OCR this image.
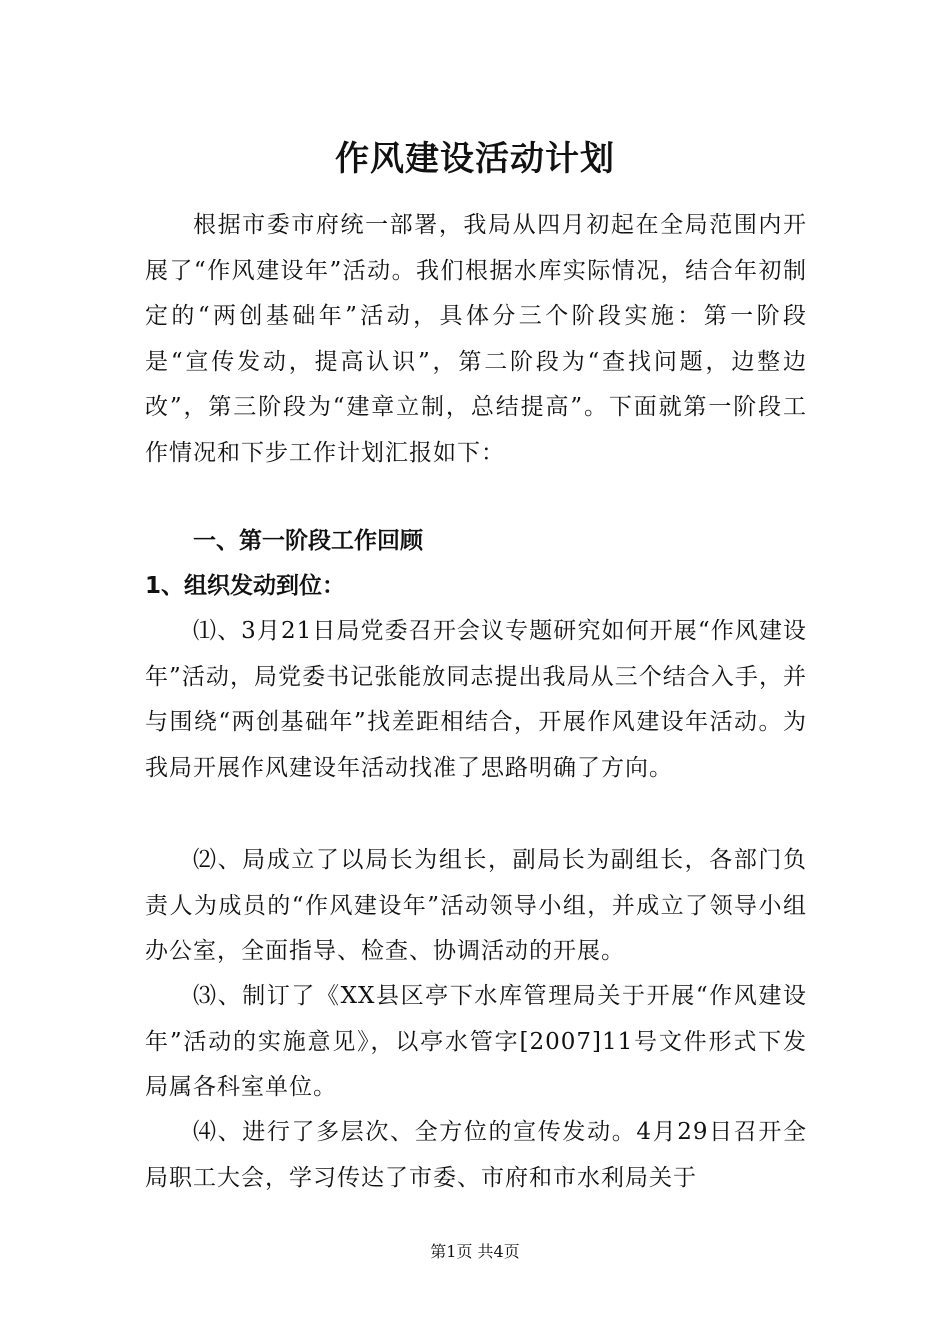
作风建设活动计划
根据市委市府统一部署，我局从四月初起在全局范围内开展了“作风建设年”活动。我们根据水库实际情况，结合年初制定的“两创基础年”活动，具体分三个阶段实施：第一阶段是“宣传发动，提高认识”，第二阶段为“查找问题，边整边改”，第三阶段为“建章立制，总结提高”。下面就第一阶段工作情况和下步工作计划汇报如下：
一、第一阶段工作回顾
1、组织发动到位：
⑴、3月21日局党委召开会议专题研究如何开展“作风建设年”活动，局党委书记张能放同志提出我局从三个结合入手，并与围绕“两创基础年”找差距相结合，开展作风建设年活动。为我局开展作风建设年活动找准了思路明确了方向。
⑵、局成立了以局长为组长，副局长为副组长，各部门负责人为成员的“作风建设年”活动领导小组，并成立了领导小组办公室，全面指导、检查、协调活动的开展。
⑶、制订了《XX县区亭下水库管理局关于开展“作风建设年”活动的实施意见》，以亭水管字[2007]11号文件形式下发局属各科室单位。
⑷、进行了多层次、全方位的宣传发动。4月29日召开全局职工大会，学习传达了市委、市府和市水利局关于
第1页 共4页
